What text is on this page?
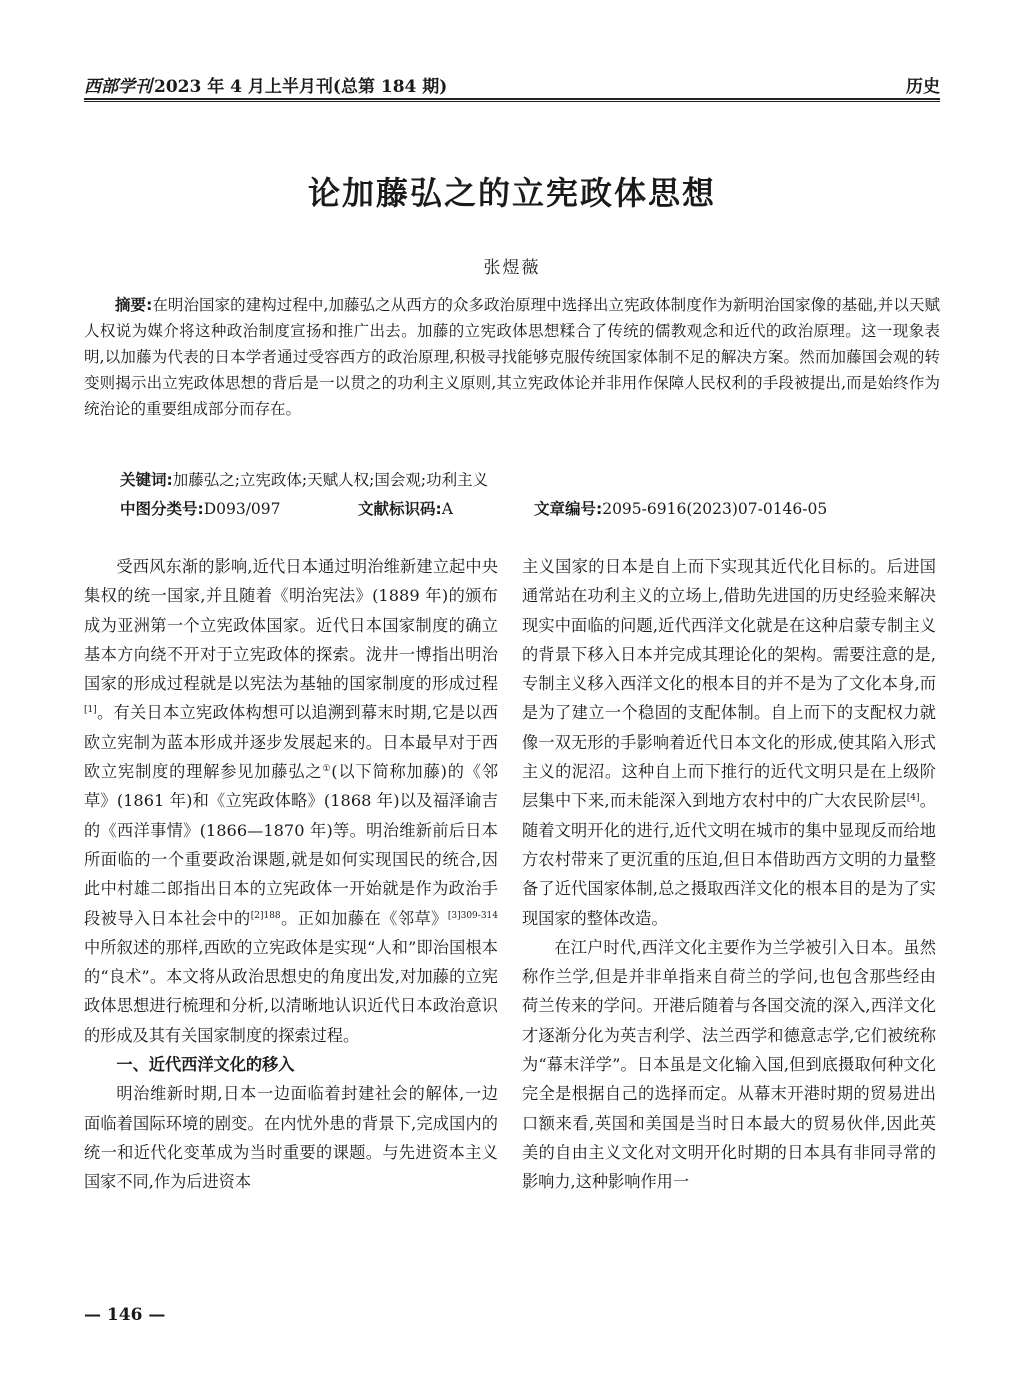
西部学刊 2023 年 4 月上半月刊(总第 184 期)	历史
论加藤弘之的立宪政体思想
张煜薇
摘要:在明治国家的建构过程中,加藤弘之从西方的众多政治原理中选择出立宪政体制度作为新明治国家像的基础,并以天赋人权说为媒介将这种政治制度宣扬和推广出去。加藤的立宪政体思想糅合了传统的儒教观念和近代的政治原理。这一现象表明,以加藤为代表的日本学者通过受容西方的政治原理,积极寻找能够克服传统国家体制不足的解决方案。然而加藤国会观的转变则揭示出立宪政体思想的背后是一以贯之的功利主义原则,其立宪政体论并非用作保障人民权利的手段被提出,而是始终作为统治论的重要组成部分而存在。
关键词:加藤弘之;立宪政体;天赋人权;国会观;功利主义
中图分类号:D093/097	文献标识码:A	文章编号:2095-6916(2023)07-0146-05

受西风东渐的影响,近代日本通过明治维新建立起中央集权的统一国家,并且随着《明治宪法》(1889 年)的颁布成为亚洲第一个立宪政体国家。近代日本国家制度的确立基本方向绕不开对于立宪政体的探索。泷井一博指出明治国家的形成过程就是以宪法为基轴的国家制度的形成过程[1]。有关日本立宪政体构想可以追溯到幕末时期,它是以西欧立宪制为蓝本形成并逐步发展起来的。日本最早对于西欧立宪制度的理解参见加藤弘之①(以下简称加藤)的《邻草》(1861 年)和《立宪政体略》(1868 年)以及福泽谕吉的《西洋事情》(1866—1870 年)等。明治维新前后日本所面临的一个重要政治课题,就是如何实现国民的统合,因此中村雄二郎指出日本的立宪政体一开始就是作为政治手段被导入日本社会中的$^{[2]188}$。正如加藤在《邻草》$^{[3]309-314}$中所叙述的那样,西欧的立宪政体是实现“人和”即治国根本的“良术”。本文将从政治思想史的角度出发,对加藤的立宪政体思想进行梳理和分析,以清晰地认识近代日本政治意识的形成及其有关国家制度的探索过程。

一、近代西洋文化的移入

明治维新时期,日本一边面临着封建社会的解体,一边面临着国际环境的剧变。在内忧外患的背景下,完成国内的统一和近代化变革成为当时重要的课题。与先进资本主义国家不同,作为后进资本

主义国家的日本是自上而下实现其近代化目标的。后进国通常站在功利主义的立场上,借助先进国的历史经验来解决现实中面临的问题,近代西洋文化就是在这种启蒙专制主义的背景下移入日本并完成其理论化的架构。需要注意的是,专制主义移入西洋文化的根本目的并不是为了文化本身,而是为了建立一个稳固的支配体制。自上而下的支配权力就像一双无形的手影响着近代日本文化的形成,使其陷入形式主义的泥沼。这种自上而下推行的近代文明只是在上级阶层集中下来,而未能深入到地方农村中的广大农民阶层[4]。随着文明开化的进行,近代文明在城市的集中显现反而给地方农村带来了更沉重的压迫,但日本借助西方文明的力量整备了近代国家体制,总之摄取西洋文化的根本目的是为了实现国家的整体改造。

在江户时代,西洋文化主要作为兰学被引入日本。虽然称作兰学,但是并非单指来自荷兰的学问,也包含那些经由荷兰传来的学问。开港后随着与各国交流的深入,西洋文化才逐渐分化为英吉利学、法兰西学和德意志学,它们被统称为“幕末洋学”。日本虽是文化输入国,但到底摄取何种文化完全是根据自己的选择而定。从幕末开港时期的贸易进出口额来看,英国和美国是当时日本最大的贸易伙伴,因此英美的自由主义文化对文明开化时期的日本具有非同寻常的影响力,这种影响作用一

— 146 —
